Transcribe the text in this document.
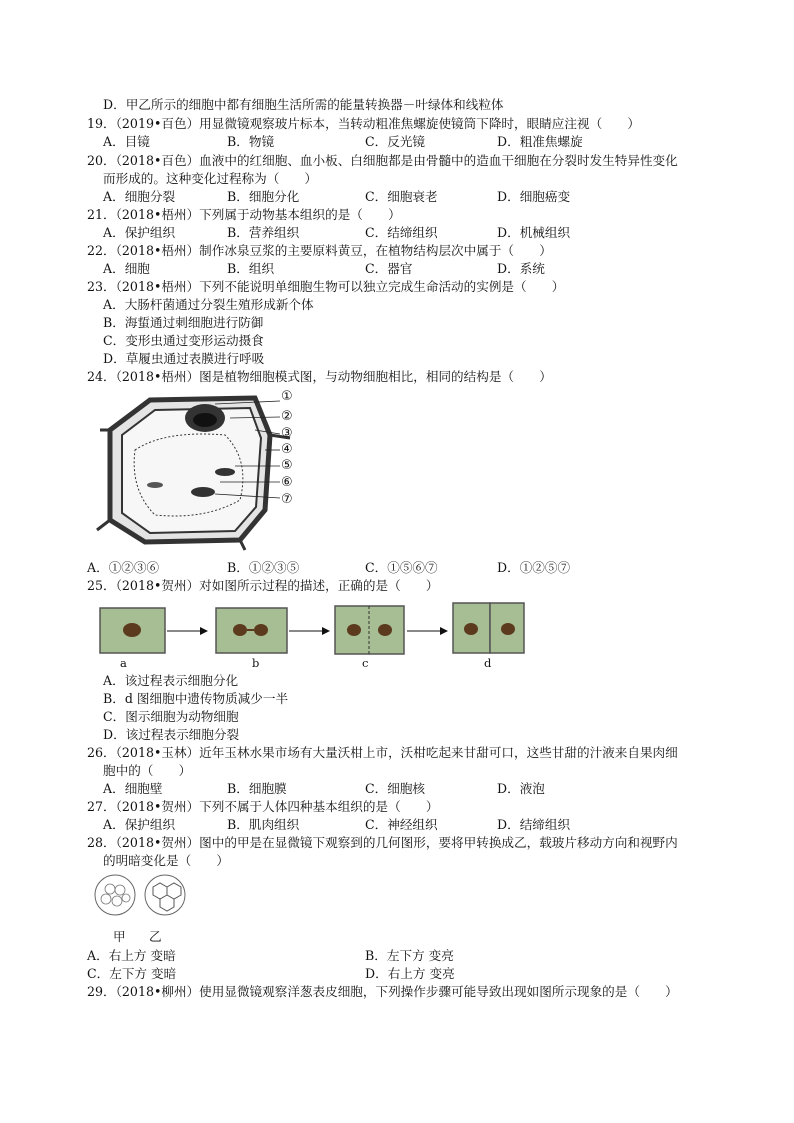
D．甲乙所示的细胞中都有细胞生活所需的能量转换器－叶绿体和线粒体
19．（2019•百色）用显微镜观察玻片标本，当转动粗准焦螺旋使镜筒下降时，眼睛应注视（　　）
A．目镜	B．物镜	C．反光镜	D．粗准焦螺旋
20．（2018•百色）血液中的红细胞、血小板、白细胞都是由骨髓中的造血干细胞在分裂时发生特异性变化
而形成的。这种变化过程称为（　　）
A．细胞分裂	B．细胞分化	C．细胞衰老	D．细胞癌变
21．（2018•梧州）下列属于动物基本组织的是（　　）
A．保护组织	B．营养组织	C．结缔组织	D．机械组织
22．（2018•梧州）制作冰泉豆浆的主要原料黄豆，在植物结构层次中属于（　　）
A．细胞	B．组织	C．器官	D．系统
23．（2018•梧州）下列不能说明单细胞生物可以独立完成生命活动的实例是（　　）
A．大肠杆菌通过分裂生殖形成新个体
B．海蜇通过刺细胞进行防御
C．变形虫通过变形运动摄食
D．草履虫通过表膜进行呼吸
24．（2018•梧州）图是植物细胞模式图，与动物细胞相比，相同的结构是（　　）
①
②
③
④
⑤
⑥
⑦
A．①②③⑥	B．①②③⑤	C．①⑤⑥⑦	D．①②⑤⑦
25．（2018•贺州）对如图所示过程的描述，正确的是（　　）
a	b	c	d
A．该过程表示细胞分化
B．d 图细胞中遗传物质减少一半
C．图示细胞为动物细胞
D．该过程表示细胞分裂
26．（2018•玉林）近年玉林水果市场有大量沃柑上市，沃柑吃起来甘甜可口，这些甘甜的汁液来自果肉细
胞中的（　　）
A．细胞壁	B．细胞膜	C．细胞核	D．液泡
27．（2018•贺州）下列不属于人体四种基本组织的是（　　）
A．保护组织	B．肌肉组织	C．神经组织	D．结缔组织
28．（2018•贺州）图中的甲是在显微镜下观察到的几何图形，要将甲转换成乙，载玻片移动方向和视野内
的明暗变化是（　　）
甲 乙
A．右上方 变暗	B．左下方 变亮
C．左下方 变暗	D．右上方 变亮
29．（2018•柳州）使用显微镜观察洋葱表皮细胞，下列操作步骤可能导致出现如图所示现象的是（　　）
